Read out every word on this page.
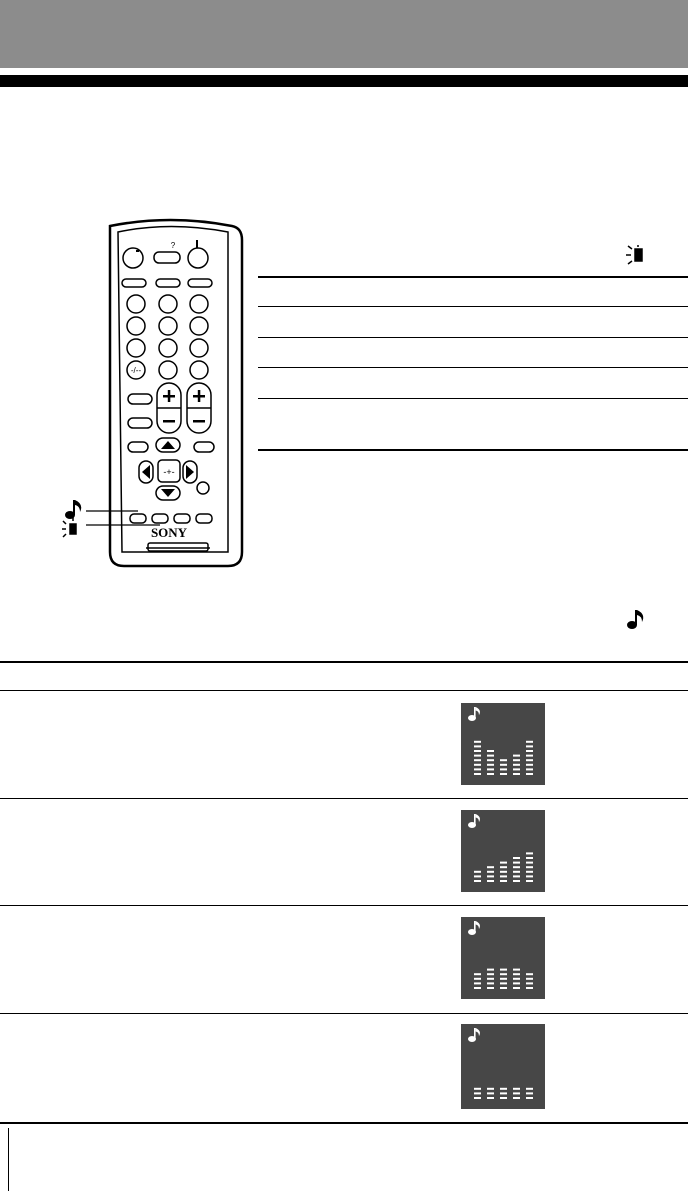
?
-/--
-+-
SONY
